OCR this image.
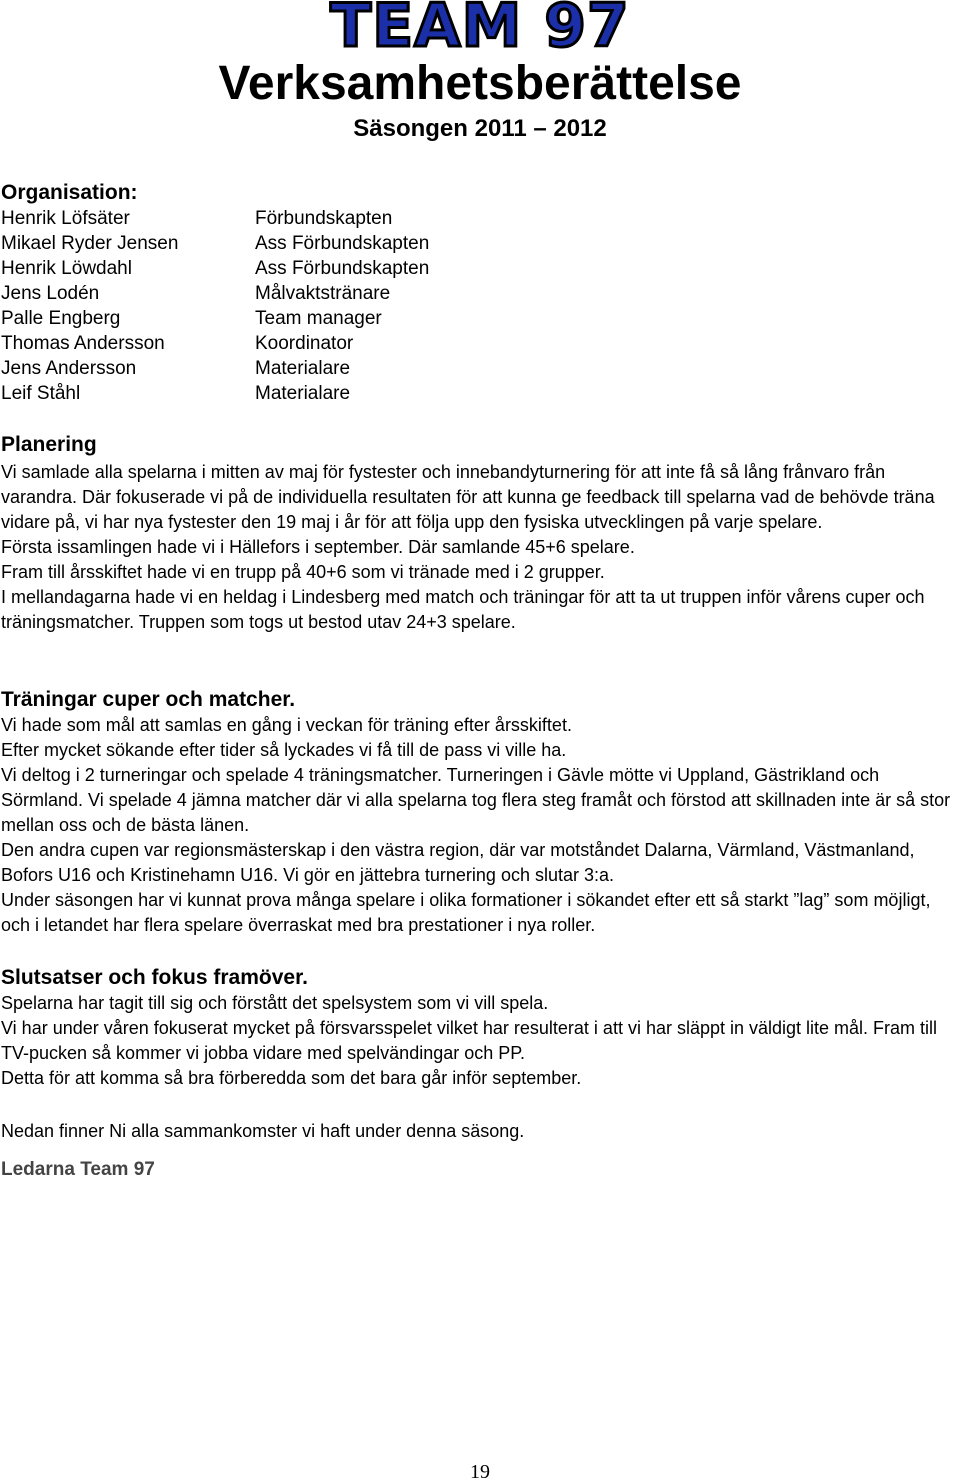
TEAM 97
Verksamhetsberättelse
Säsongen 2011 – 2012
Organisation:
Henrik Löfsäter	Förbundskapten
Mikael Ryder Jensen	Ass Förbundskapten
Henrik Löwdahl	Ass Förbundskapten
Jens Lodén	Målvaktstränare
Palle Engberg	Team manager
Thomas Andersson	Koordinator
Jens Andersson	Materialare
Leif Ståhl	Materialare
Planering

Vi samlade alla spelarna i mitten av maj för fystester och innebandyturnering för att inte få så lång frånvaro från varandra. Där fokuserade vi på de individuella resultaten för att kunna ge feedback till spelarna vad de behövde träna vidare på, vi har nya fystester den 19 maj i år för att följa upp den fysiska utvecklingen på varje spelare.

Första issamlingen hade vi i Hällefors i september. Där samlande 45+6 spelare.

Fram till årsskiftet hade vi en trupp på 40+6 som vi tränade med i 2 grupper.

I mellandagarna hade vi en heldag i Lindesberg med match och träningar för att ta ut truppen inför vårens cuper och träningsmatcher. Truppen som togs ut bestod utav 24+3 spelare.

Träningar cuper och matcher.

Vi hade som mål att samlas en gång i veckan för träning efter årsskiftet.

Efter mycket sökande efter tider så lyckades vi få till de pass vi ville ha.

Vi deltog i 2 turneringar och spelade 4 träningsmatcher. Turneringen i Gävle mötte vi Uppland, Gästrikland och Sörmland. Vi spelade 4 jämna matcher där vi alla spelarna tog flera steg framåt och förstod att skillnaden inte är så stor mellan oss och de bästa länen.

Den andra cupen var regionsmästerskap i den västra region, där var motståndet Dalarna, Värmland, Västmanland, Bofors U16 och Kristinehamn U16. Vi gör en jättebra turnering och slutar 3:a.

Under säsongen har vi kunnat prova många spelare i olika formationer i sökandet efter ett så starkt ”lag” som möjligt, och i letandet har flera spelare överraskat med bra prestationer i nya roller.

Slutsatser och fokus framöver.

Spelarna har tagit till sig och förstått det spelsystem som vi vill spela.

Vi har under våren fokuserat mycket på försvarsspelet vilket har resulterat i att vi har släppt in väldigt lite mål. Fram till TV-pucken så kommer vi jobba vidare med spelvändingar och PP.

Detta för att komma så bra förberedda som det bara går inför september.

Nedan finner Ni alla sammankomster vi haft under denna säsong.
Ledarna Team 97
19
